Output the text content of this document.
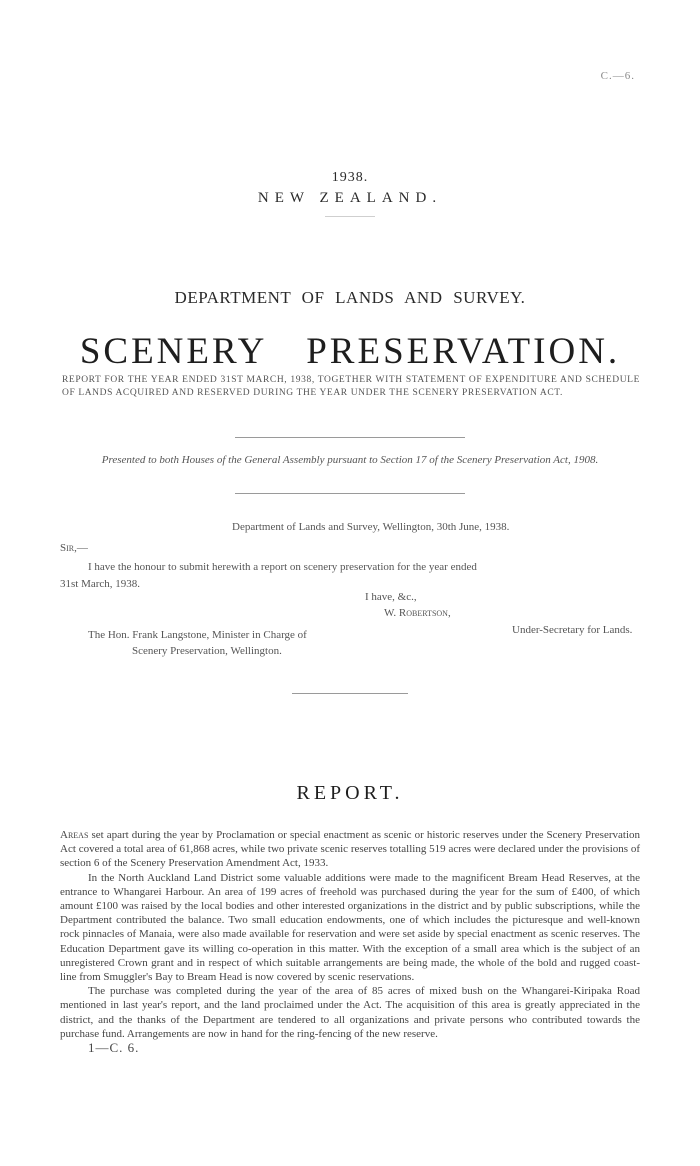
C.—6.
1938.
NEW ZEALAND.
DEPARTMENT OF LANDS AND SURVEY.
SCENERY PRESERVATION.
REPORT FOR THE YEAR ENDED 31ST MARCH, 1938, TOGETHER WITH STATEMENT OF EXPENDITURE AND SCHEDULE OF LANDS ACQUIRED AND RESERVED DURING THE YEAR UNDER THE SCENERY PRESERVATION ACT.
Presented to both Houses of the General Assembly pursuant to Section 17 of the Scenery Preservation Act, 1908.
Department of Lands and Survey, Wellington, 30th June, 1938.
Sir,—
I have the honour to submit herewith a report on scenery preservation for the year ended
31st March, 1938.
I have, &c.,
W. Robertson,
Under-Secretary for Lands.
The Hon. Frank Langstone, Minister in Charge of
Scenery Preservation, Wellington.
REPORT.

Areas set apart during the year by Proclamation or special enactment as scenic or historic reserves under the Scenery Preservation Act covered a total area of 61,868 acres, while two private scenic reserves totalling 519 acres were declared under the provisions of section 6 of the Scenery Preservation Amendment Act, 1933.

In the North Auckland Land District some valuable additions were made to the magnificent Bream Head Reserves, at the entrance to Whangarei Harbour. An area of 199 acres of freehold was purchased during the year for the sum of £400, of which amount £100 was raised by the local bodies and other interested organizations in the district and by public subscriptions, while the Department contributed the balance. Two small education endowments, one of which includes the picturesque and well-known rock pinnacles of Manaia, were also made available for reservation and were set aside by special enactment as scenic reserves. The Education Department gave its willing co-operation in this matter. With the exception of a small area which is the subject of an unregistered Crown grant and in respect of which suitable arrangements are being made, the whole of the bold and rugged coast-line from Smuggler's Bay to Bream Head is now covered by scenic reservations.

The purchase was completed during the year of the area of 85 acres of mixed bush on the Whangarei-Kiripaka Road mentioned in last year's report, and the land proclaimed under the Act. The acquisition of this area is greatly appreciated in the district, and the thanks of the Department are tendered to all organizations and private persons who contributed towards the purchase fund. Arrangements are now in hand for the ring-fencing of the new reserve.

1—C. 6.
